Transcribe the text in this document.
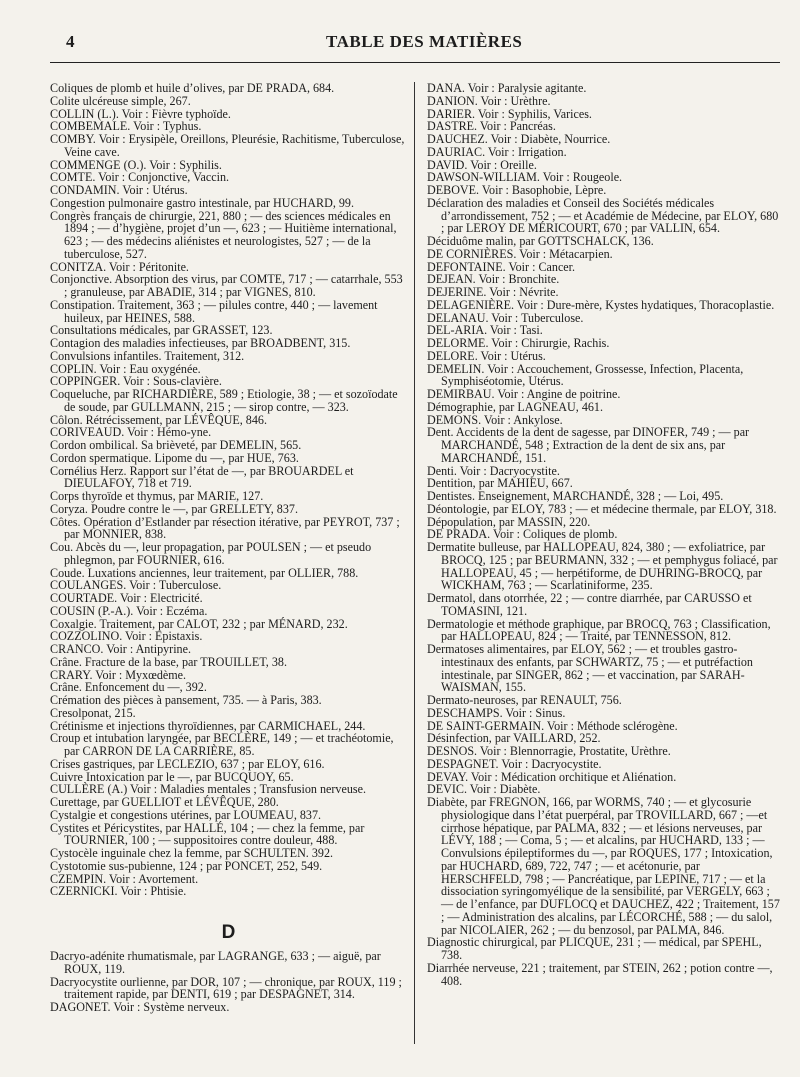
4	TABLE DES MATIÈRES

Coliques de plomb et huile d’olives, par DE PRADA, 684.

Colite ulcéreuse simple, 267.

COLLIN (L.). Voir : Fièvre typhoïde.

COMBEMALE. Voir : Typhus.

COMBY. Voir : Erysipèle, Oreillons, Pleurésie, Rachitisme, Tuberculose, Veine cave.

COMMENGE (O.). Voir : Syphilis.

COMTE. Voir : Conjonctive, Vaccin.

CONDAMIN. Voir : Utérus.

Congestion pulmonaire gastro intestinale, par HUCHARD, 99.

Congrès français de chirurgie, 221, 880 ; — des sciences médicales en 1894 ; — d’hygiène, projet d’un —, 623 ; — Huitième international, 623 ; — des médecins aliénistes et neurologistes, 527 ; — de la tuberculose, 527.

CONITZA. Voir : Péritonite.

Conjonctive. Absorption des virus, par COMTE, 717 ; — catarrhale, 553 ; granuleuse, par ABADIE, 314 ; par VIGNES, 810.

Constipation. Traitement, 363 ; — pilules contre, 440 ; — lavement huileux, par HEINES, 588.

Consultations médicales, par GRASSET, 123.

Contagion des maladies infectieuses, par BROADBENT, 315.

Convulsions infantiles. Traitement, 312.

COPLIN. Voir : Eau oxygénée.

COPPINGER. Voir : Sous-clavière.

Coqueluche, par RICHARDIÈRE, 589 ; Etiologie, 38 ; — et sozoïodate de soude, par GULLMANN, 215 ; — sirop contre, — 323.

Côlon. Rétrécissement, par LÉVÊQUE, 846.

CORIVEAUD. Voir : Hémo-yne.

Cordon ombilical. Sa brièveté, par DEMELIN, 565.

Cordon spermatique. Lipome du —, par HUE, 763.

Cornélius Herz. Rapport sur l’état de —, par BROUARDEL et DIEULAFOY, 718 et 719.

Corps thyroïde et thymus, par MARIE, 127.

Coryza. Poudre contre le —, par GRELLETY, 837.

Côtes. Opération d’Estlander par résection itérative, par PEYROT, 737 ; par MONNIER, 838.

Cou. Abcès du —, leur propagation, par POULSEN ; — et pseudo phlegmon, par FOURNIER, 616.

Coude. Luxations anciennes, leur traitement, par OLLIER, 788.

COULANGES. Voir : Tuberculose.

COURTADE. Voir : Electricité.

COUSIN (P.-A.). Voir : Eczéma.

Coxalgie. Traitement, par CALOT, 232 ; par MÉNARD, 232.

COZZOLINO. Voir : Epistaxis.

CRANCO. Voir : Antipyrine.

Crâne. Fracture de la base, par TROUILLET, 38.

CRARY. Voir : Myxœdème.

Crâne. Enfoncement du —, 392.

Crémation des pièces à pansement, 735. — à Paris, 383.

Cresolponat, 215.

Crétinisme et injections thyroïdiennes, par CARMICHAEL, 244.

Croup et intubation laryngée, par BECLÈRE, 149 ; — et trachéotomie, par CARRON DE LA CARRIÈRE, 85.

Crises gastriques, par LECLEZIO, 637 ; par ELOY, 616.

Cuivre Intoxication par le —, par BUCQUOY, 65.

CULLÈRE (A.) Voir : Maladies mentales ; Transfusion nerveuse.

Curettage, par GUELLIOT et LÉVÊQUE, 280.

Cystalgie et congestions utérines, par LOUMEAU, 837.

Cystites et Péricystites, par HALLÉ, 104 ; — chez la femme, par TOURNIER, 100 ; — suppositoires contre douleur, 488.

Cystocèle inguinale chez la femme, par SCHULTEN. 392.

Cystotomie sus-pubienne, 124 ; par PONCET, 252, 549.

CZEMPIN. Voir : Avortement.

CZERNICKI. Voir : Phtisie.

D

Dacryo-adénite rhumatismale, par LAGRANGE, 633 ; — aiguë, par ROUX, 119.

Dacryocystite ourlienne, par DOR, 107 ; — chronique, par ROUX, 119 ; traitement rapide, par DENTI, 619 ; par DESPAGNET, 314.

DAGONET. Voir : Système nerveux.

DANA. Voir : Paralysie agitante.

DANION. Voir : Urèthre.

DARIER. Voir : Syphilis, Varices.

DASTRE. Voir : Pancréas.

DAUCHEZ. Voir : Diabète, Nourrice.

DAURIAC. Voir : Irrigation.

DAVID. Voir : Oreille.

DAWSON-WILLIAM. Voir : Rougeole.

DEBOVE. Voir : Basophobie, Lèpre.

Déclaration des maladies et Conseil des Sociétés médicales d’arrondissement, 752 ; — et Académie de Médecine, par ELOY, 680 ; par LEROY DE MÉRICOURT, 670 ; par VALLIN, 654.

Déciduôme malin, par GOTTSCHALCK, 136.

DE CORNIÈRES. Voir : Métacarpien.

DEFONTAINE. Voir : Cancer.

DEJEAN. Voir : Bronchite.

DEJERINE. Voir : Névrite.

DELAGENIÈRE. Voir : Dure-mère, Kystes hydatiques, Thoracoplastie.

DELANAU. Voir : Tuberculose.

DEL-ARIA. Voir : Tasi.

DELORME. Voir : Chirurgie, Rachis.

DELORE. Voir : Utérus.

DEMELIN. Voir : Accouchement, Grossesse, Infection, Placenta, Symphiséotomie, Utérus.

DEMIRBAU. Voir : Angine de poitrine.

Démographie, par LAGNEAU, 461.

DEMONS. Voir : Ankylose.

Dent. Accidents de la dent de sagesse, par DINOFER, 749 ; — par MARCHANDÉ, 548 ; Extraction de la dent de six ans, par MARCHANDÉ, 151.

Denti. Voir : Dacryocystite.

Dentition, par MAHIEU, 667.

Dentistes. Enseignement, MARCHANDÉ, 328 ; — Loi, 495.

Déontologie, par ELOY, 783 ; — et médecine thermale, par ELOY, 318.

Dépopulation, par MASSIN, 220.

DE PRADA. Voir : Coliques de plomb.

Dermatite bulleuse, par HALLOPEAU, 824, 380 ; — exfoliatrice, par BROCQ, 125 ; par BEURMANN, 332 ; — et pemphygus foliacé, par HALLOPEAU, 45 ; — herpétiforme, de DUHRING-BROCQ, par WICKHAM, 763 ; — Scarlatiniforme, 235.

Dermatol, dans otorrhée, 22 ; — contre diarrhée, par CARUSSO et TOMASINI, 121.

Dermatologie et méthode graphique, par BROCQ, 763 ; Classification, par HALLOPEAU, 824 ; — Traité, par TENNESSON, 812.

Dermatoses alimentaires, par ELOY, 562 ; — et troubles gastro-intestinaux des enfants, par SCHWARTZ, 75 ; — et putréfaction intestinale, par SINGER, 862 ; — et vaccination, par SARAH-WAISMAN, 155.

Dermato-neuroses, par RENAULT, 756.

DESCHAMPS. Voir : Sinus.

DE SAINT-GERMAIN. Voir : Méthode sclérogène.

Désinfection, par VAILLARD, 252.

DESNOS. Voir : Blennorragie, Prostatite, Urèthre.

DESPAGNET. Voir : Dacryocystite.

DEVAY. Voir : Médication orchitique et Aliénation.

DEVIC. Voir : Diabète.

Diabète, par FREGNON, 166, par WORMS, 740 ; — et glycosurie physiologique dans l’état puerpéral, par TROVILLARD, 667 ; —et cirrhose hépatique, par PALMA, 832 ; — et lésions nerveuses, par LÉVY, 188 ; — Coma, 5 ; — et alcalins, par HUCHARD, 133 ; — Convulsions épileptiformes du —, par ROQUES, 177 ; Intoxication, par HUCHARD, 689, 722, 747 ; — et acétonurie, par HERSCHFELD, 798 ; — Pancréatique, par LEPINE, 717 ; — et la dissociation syringomyélique de la sensibilité, par VERGELY, 663 ; — de l’enfance, par DUFLOCQ et DAUCHEZ, 422 ; Traitement, 157 ; — Administration des alcalins, par LÉCORCHÉ, 588 ; — du salol, par NICOLAIER, 262 ; — du benzosol, par PALMA, 846.

Diagnostic chirurgical, par PLICQUE, 231 ; — médical, par SPEHL, 738.

Diarrhée nerveuse, 221 ; traitement, par STEIN, 262 ; potion contre —, 408.
